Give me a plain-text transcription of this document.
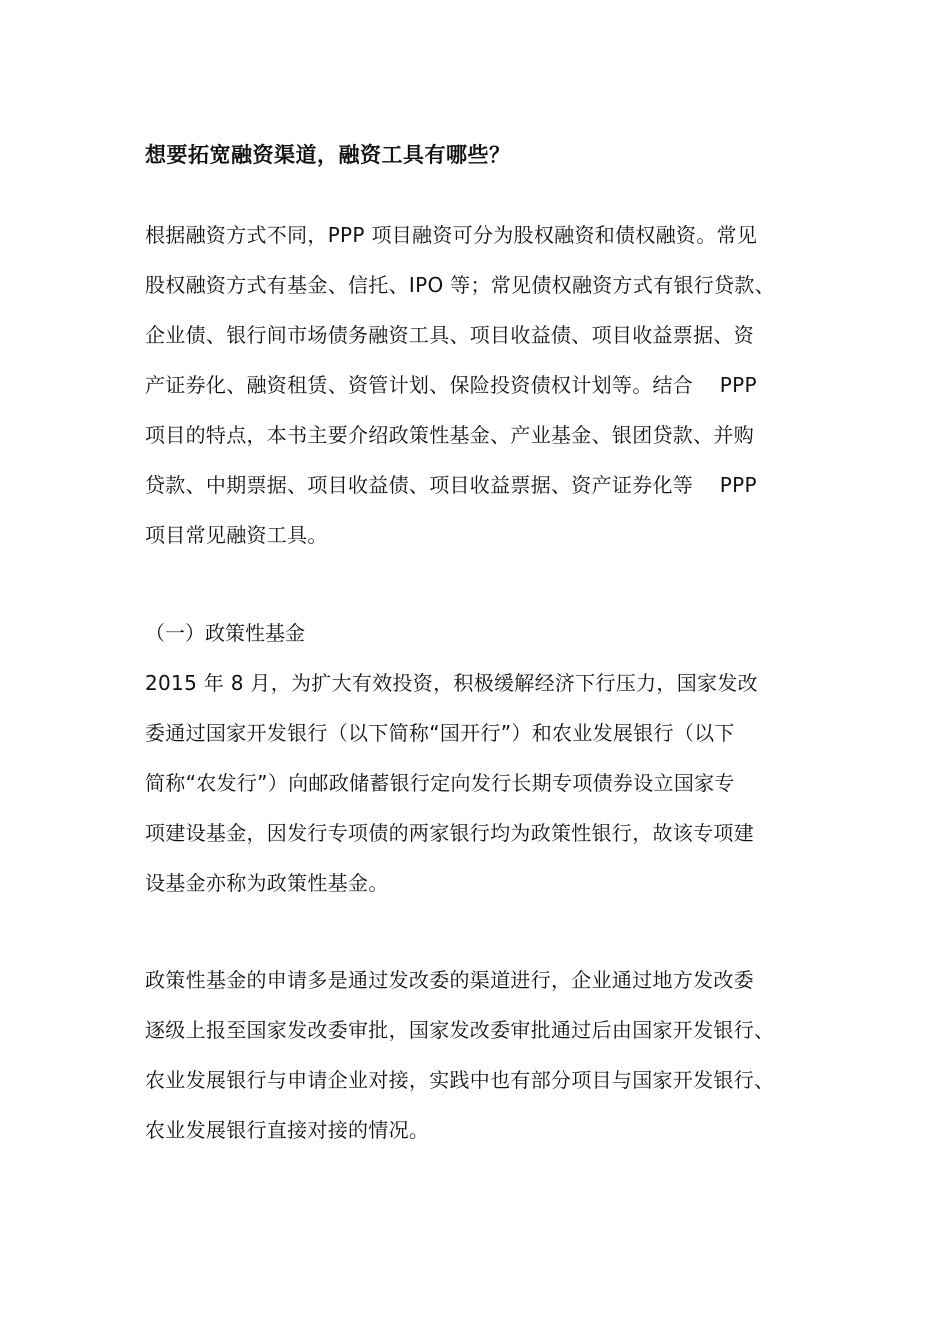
想要拓宽融资渠道，融资工具有哪些？
根据融资方式不同，PPP 项目融资可分为股权融资和债权融资。常见
股权融资方式有基金、信托、IPO 等；常见债权融资方式有银行贷款、
企业债、银行间市场债务融资工具、项目收益债、项目收益票据、资
产证券化、融资租赁、资管计划、保险投资债权计划等。结合    PPP
项目的特点，本书主要介绍政策性基金、产业基金、银团贷款、并购
贷款、中期票据、项目收益债、项目收益票据、资产证券化等    PPP
项目常见融资工具。
（一）政策性基金
2015 年 8 月，为扩大有效投资，积极缓解经济下行压力，国家发改
委通过国家开发银行（以下简称“国开行”）和农业发展银行（以下
简称“农发行”）向邮政储蓄银行定向发行长期专项债券设立国家专
项建设基金，因发行专项债的两家银行均为政策性银行，故该专项建
设基金亦称为政策性基金。
政策性基金的申请多是通过发改委的渠道进行，企业通过地方发改委
逐级上报至国家发改委审批，国家发改委审批通过后由国家开发银行、
农业发展银行与申请企业对接，实践中也有部分项目与国家开发银行、
农业发展银行直接对接的情况。
